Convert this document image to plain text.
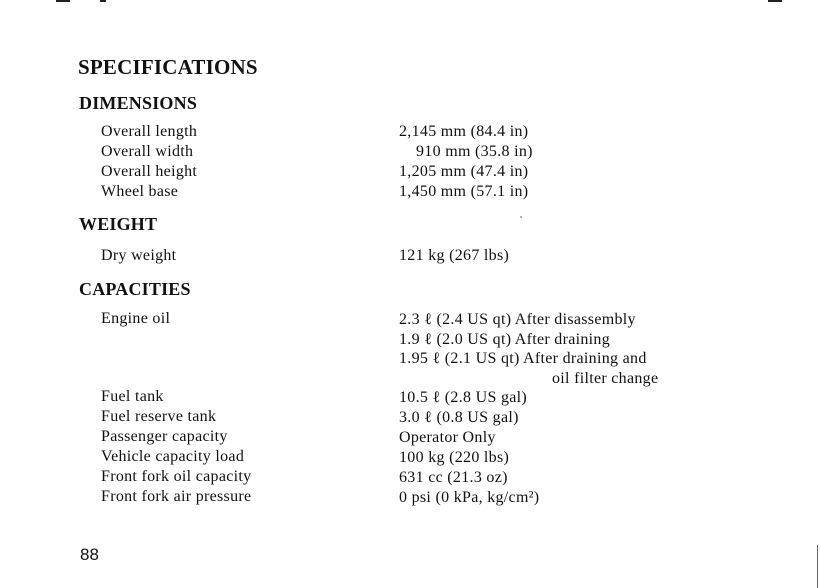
SPECIFICATIONS
DIMENSIONS
Overall length	2,145 mm (84.4 in)
Overall width	910 mm (35.8 in)
Overall height	1,205 mm (47.4 in)
Wheel base	1,450 mm (57.1 in)
WEIGHT
Dry weight	121 kg (267 lbs)
CAPACITIES
Engine oil	2.3 ℓ (2.4 US qt) After disassembly
1.9 ℓ (2.0 US qt) After draining
1.95 ℓ (2.1 US qt) After draining and
oil filter change
Fuel tank	10.5 ℓ (2.8 US gal)
Fuel reserve tank	3.0 ℓ (0.8 US gal)
Passenger capacity	Operator Only
Vehicle capacity load	100 kg (220 lbs)
Front fork oil capacity	631 cc (21.3 oz)
Front fork air pressure	0 psi (0 kPa, kg/cm²)
88
